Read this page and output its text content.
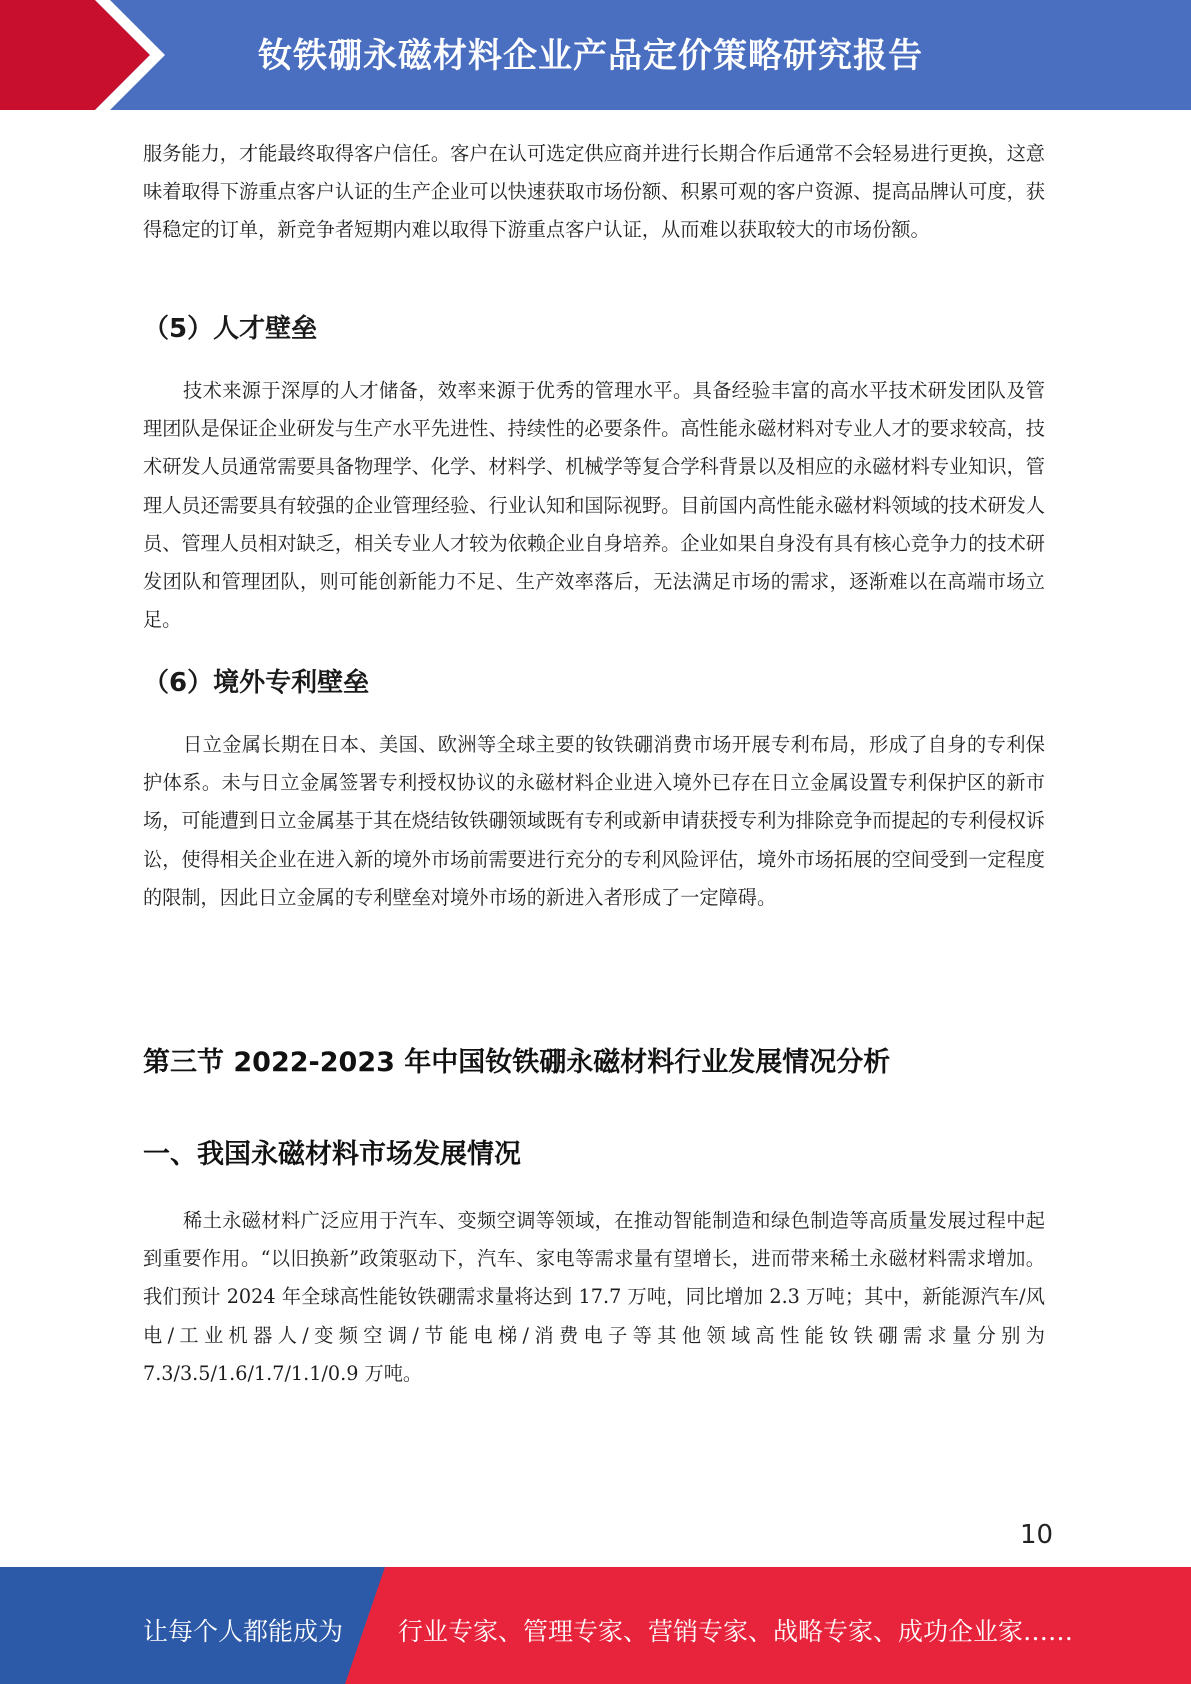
钕铁硼永磁材料企业产品定价策略研究报告

服务能力，才能最终取得客户信任。客户在认可选定供应商并进行长期合作后通常不会轻易进行更换，这意味着取得下游重点客户认证的生产企业可以快速获取市场份额、积累可观的客户资源、提高品牌认可度，获得稳定的订单，新竞争者短期内难以取得下游重点客户认证，从而难以获取较大的市场份额。

（5）人才壁垒

技术来源于深厚的人才储备，效率来源于优秀的管理水平。具备经验丰富的高水平技术研发团队及管理团队是保证企业研发与生产水平先进性、持续性的必要条件。高性能永磁材料对专业人才的要求较高，技术研发人员通常需要具备物理学、化学、材料学、机械学等复合学科背景以及相应的永磁材料专业知识，管理人员还需要具有较强的企业管理经验、行业认知和国际视野。目前国内高性能永磁材料领域的技术研发人员、管理人员相对缺乏，相关专业人才较为依赖企业自身培养。企业如果自身没有具有核心竞争力的技术研发团队和管理团队，则可能创新能力不足、生产效率落后，无法满足市场的需求，逐渐难以在高端市场立足。

（6）境外专利壁垒

日立金属长期在日本、美国、欧洲等全球主要的钕铁硼消费市场开展专利布局，形成了自身的专利保护体系。未与日立金属签署专利授权协议的永磁材料企业进入境外已存在日立金属设置专利保护区的新市场，可能遭到日立金属基于其在烧结钕铁硼领域既有专利或新申请获授专利为排除竞争而提起的专利侵权诉讼，使得相关企业在进入新的境外市场前需要进行充分的专利风险评估，境外市场拓展的空间受到一定程度的限制，因此日立金属的专利壁垒对境外市场的新进入者形成了一定障碍。

第三节 2022-2023 年中国钕铁硼永磁材料行业发展情况分析
一、我国永磁材料市场发展情况

稀土永磁材料广泛应用于汽车、变频空调等领域，在推动智能制造和绿色制造等高质量发展过程中起到重要作用。“以旧换新”政策驱动下，汽车、家电等需求量有望增长，进而带来稀土永磁材料需求增加。我们预计 2024 年全球高性能钕铁硼需求量将达到 17.7 万吨，同比增加 2.3 万吨；其中，新能源汽车/风电/工业机器人/变频空调/节能电梯/消费电子等其他领域高性能钕铁硼需求量分别为 7.3/3.5/1.6/1.7/1.1/0.9 万吨。

10
让每个人都能成为 行业专家、管理专家、营销专家、战略专家、成功企业家……
